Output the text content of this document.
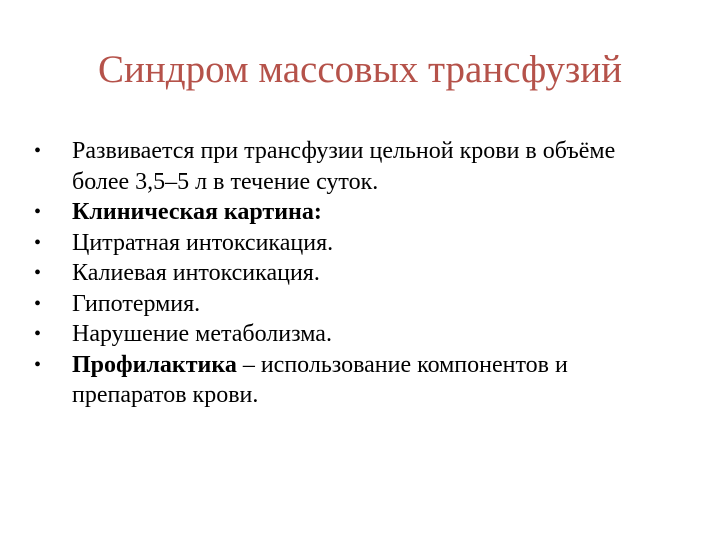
Синдром массовых трансфузий
•	Развивается при трансфузии цельной крови в объёме более 3,5–5 л в течение суток.
•	Клиническая картина:
•	Цитратная интоксикация.
•	Калиевая интоксикация.
•	Гипотермия.
•	Нарушение метаболизма.
•	Профилактика – использование компонентов и препаратов крови.
